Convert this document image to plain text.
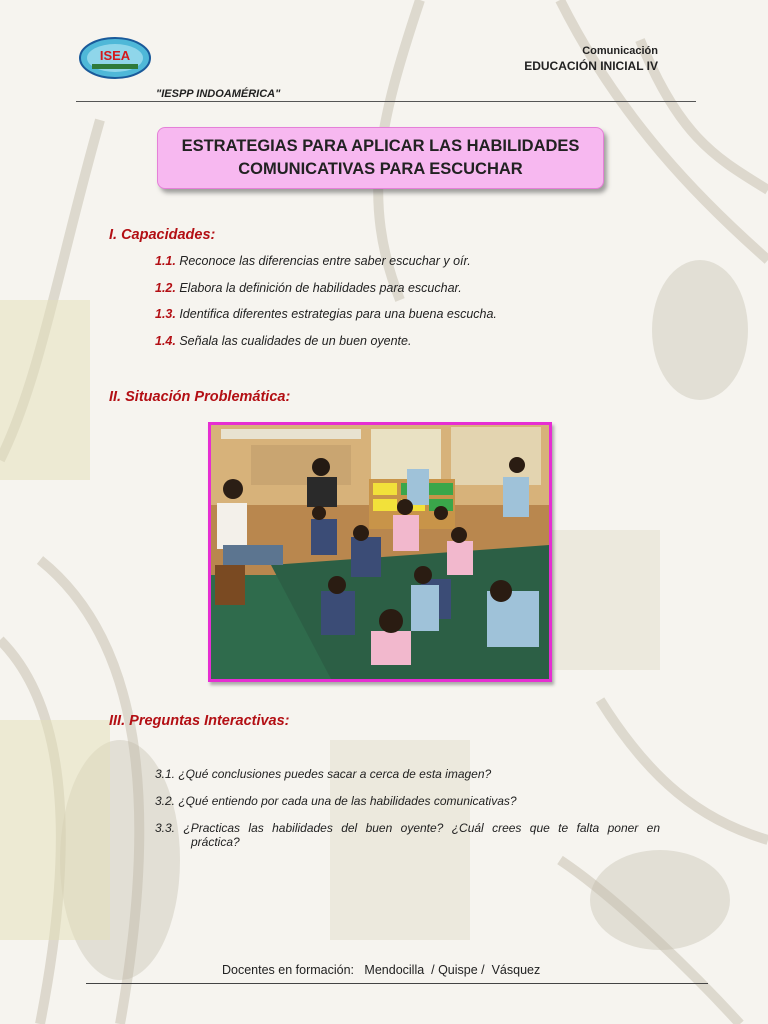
ISEA	Comunicación
EDUCACIÓN INICIAL IV
"IESPP INDOAMÉRICA"
ESTRATEGIAS PARA APLICAR LAS HABILIDADES
COMUNICATIVAS PARA ESCUCHAR
I. Capacidades:
1.1. Reconoce las diferencias entre saber escuchar y oír.
1.2. Elabora la definición de habilidades para escuchar.
1.3. Identifica diferentes estrategias para una buena escucha.
1.4. Señala las cualidades de un buen oyente.
II. Situación Problemática:
III. Preguntas Interactivas:
3.1. ¿Qué conclusiones puedes sacar a cerca de esta imagen?
3.2. ¿Qué entiendo por cada una de las habilidades comunicativas?
3.3. ¿Practicas las habilidades del buen oyente? ¿Cuál crees que te falta poner en
práctica?
Docentes en formación:   Mendocilla  / Quispe /  Vásquez
